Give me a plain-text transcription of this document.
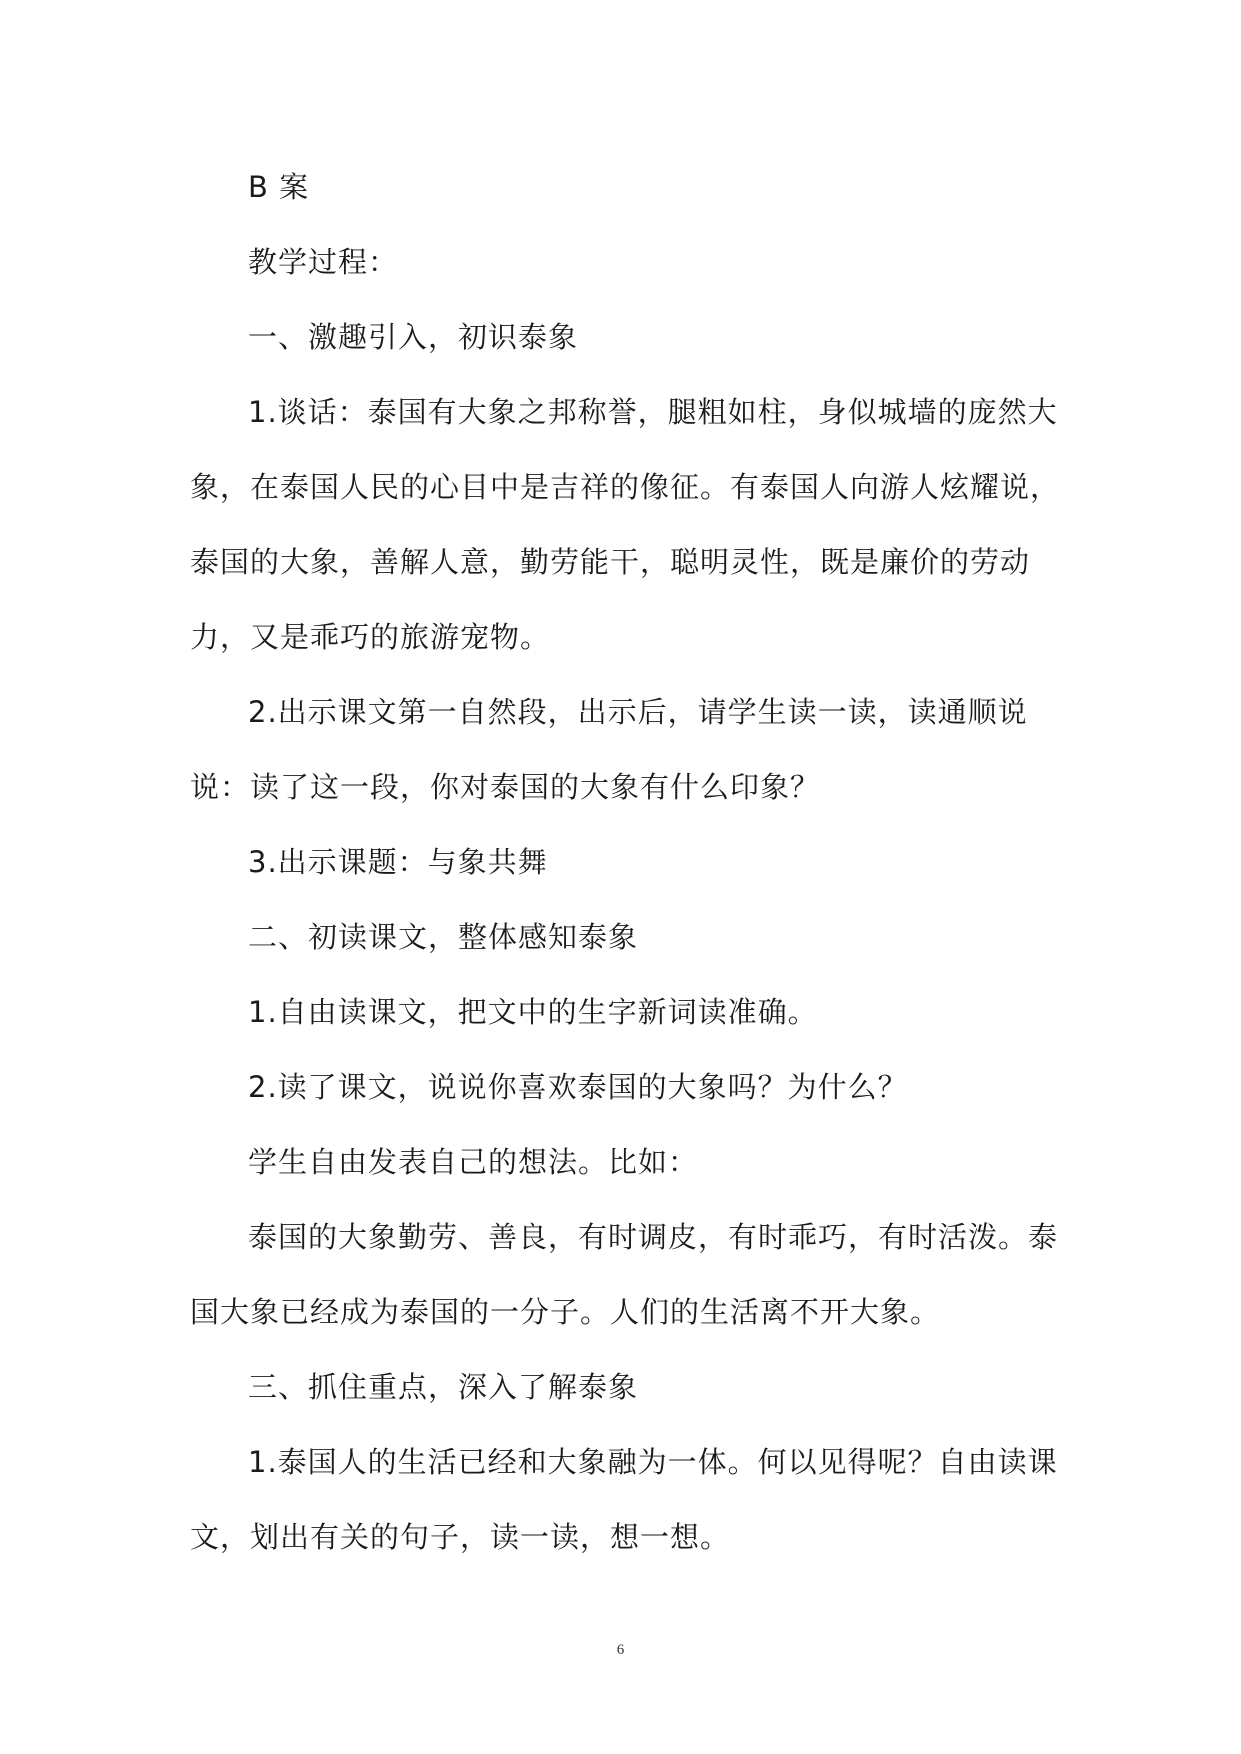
B 案

教学过程：

一、激趣引入，初识泰象

1.谈话：泰国有大象之邦称誉，腿粗如柱，身似城墙的庞然大象，在泰国人民的心目中是吉祥的像征。有泰国人向游人炫耀说，泰国的大象，善解人意，勤劳能干，聪明灵性，既是廉价的劳动力，又是乖巧的旅游宠物。

2.出示课文第一自然段，出示后，请学生读一读，读通顺说说：读了这一段，你对泰国的大象有什么印象？

3.出示课题：与象共舞

二、初读课文，整体感知泰象

1.自由读课文，把文中的生字新词读准确。

2.读了课文，说说你喜欢泰国的大象吗？为什么？

学生自由发表自己的想法。比如：

泰国的大象勤劳、善良，有时调皮，有时乖巧，有时活泼。泰国大象已经成为泰国的一分子。人们的生活离不开大象。

三、抓住重点，深入了解泰象

1.泰国人的生活已经和大象融为一体。何以见得呢？自由读课文，划出有关的句子，读一读，想一想。

6
